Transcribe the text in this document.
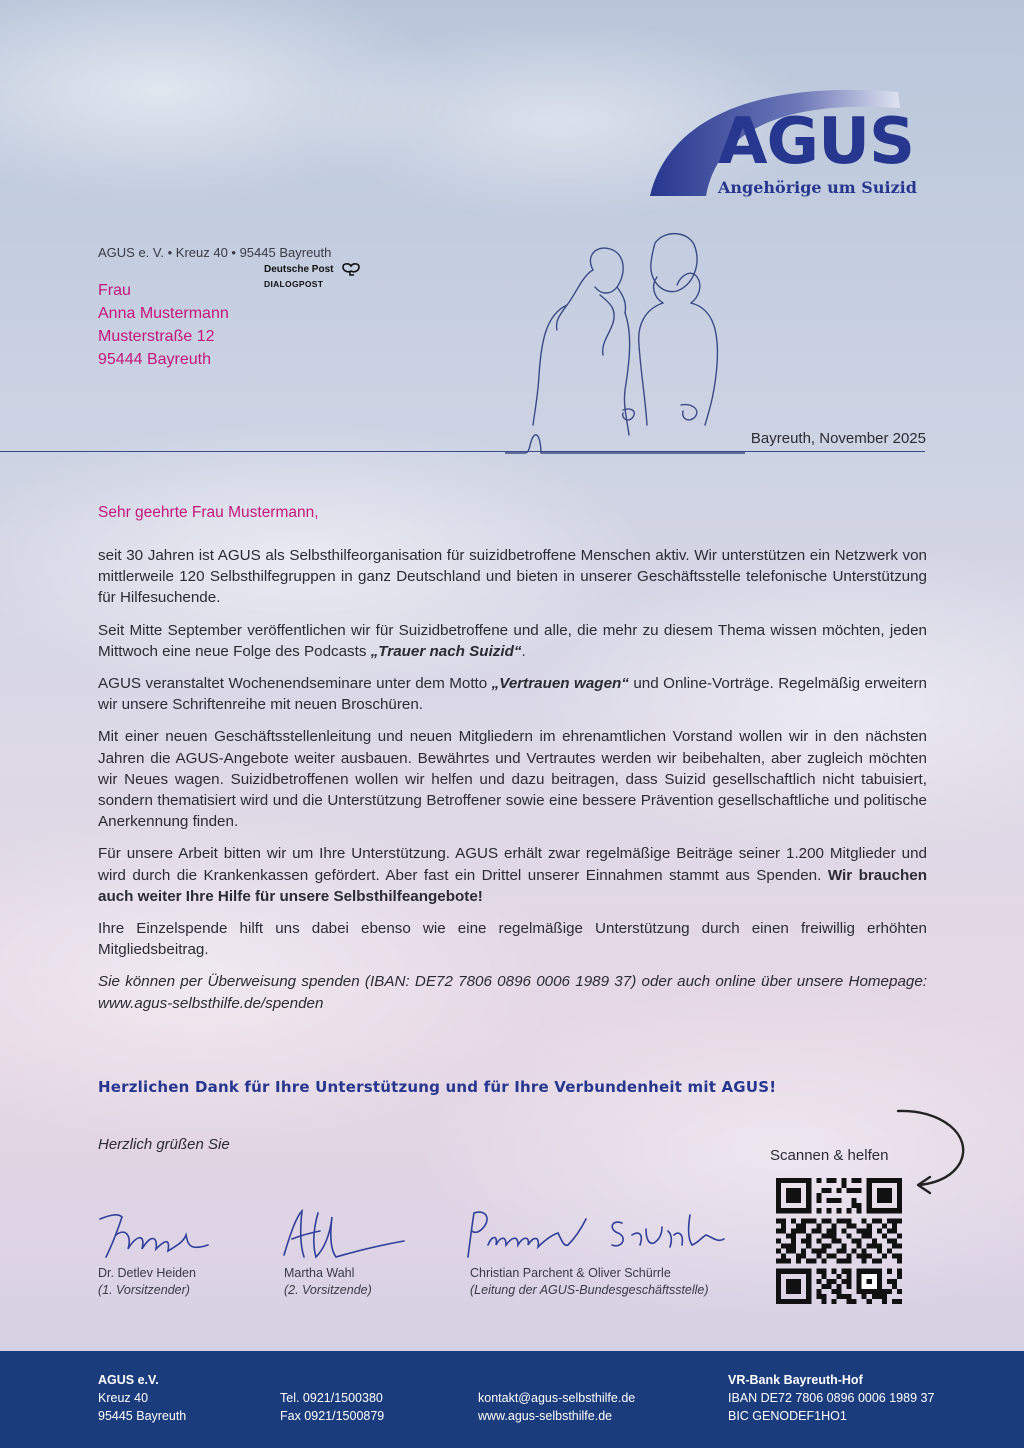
AGUS
Angehörige um Suizid
AGUS e. V. • Kreuz 40 • 95445 Bayreuth
Deutsche Post
DIALOGPOST
Frau
Anna Mustermann
Musterstraße 12
95444 Bayreuth
Bayreuth, November 2025
Sehr geehrte Frau Mustermann,

seit 30 Jahren ist AGUS als Selbsthilfeorganisation für suizidbetroffene Menschen aktiv. Wir unterstützen ein Netzwerk von mittlerweile 120 Selbsthilfegruppen in ganz Deutschland und bieten in unserer Geschäftsstelle telefonische Unterstützung für Hilfesuchende.

Seit Mitte September veröffentlichen wir für Suizidbetroffene und alle, die mehr zu diesem Thema wissen möchten, jeden Mittwoch eine neue Folge des Podcasts „Trauer nach Suizid“.

AGUS veranstaltet Wochenendseminare unter dem Motto „Vertrauen wagen“ und Online-Vorträge. Regelmäßig erweitern wir unsere Schriftenreihe mit neuen Broschüren.

Mit einer neuen Geschäftsstellenleitung und neuen Mitgliedern im ehrenamtlichen Vorstand wollen wir in den nächsten Jahren die AGUS-Angebote weiter ausbauen. Bewährtes und Vertrautes werden wir beibehalten, aber zugleich möchten wir Neues wagen. Suizidbetroffenen wollen wir helfen und dazu beitragen, dass Suizid gesellschaftlich nicht tabuisiert, sondern thematisiert wird und die Unterstützung Betroffener sowie eine bessere Prävention gesellschaftliche und politische Anerkennung finden.

Für unsere Arbeit bitten wir um Ihre Unterstützung. AGUS erhält zwar regelmäßige Beiträge seiner 1.200 Mitglieder und wird durch die Krankenkassen gefördert. Aber fast ein Drittel unserer Einnahmen stammt aus Spenden. Wir brauchen auch weiter Ihre Hilfe für unsere Selbsthilfeangebote!

Ihre Einzelspende hilft uns dabei ebenso wie eine regelmäßige Unterstützung durch einen freiwillig erhöhten Mitgliedsbeitrag.

Sie können per Überweisung spenden (IBAN: DE72 7806 0896 0006 1989 37) oder auch online über unsere Homepage: www.agus-selbsthilfe.de/spenden

Herzlichen Dank für Ihre Unterstützung und für Ihre Verbundenheit mit AGUS!
Herzlich grüßen Sie
Dr. Detlev Heiden
(1. Vorsitzender)
Martha Wahl
(2. Vorsitzende)
Christian Parchent & Oliver Schürrle
(Leitung der AGUS-Bundesgeschäftsstelle)
Scannen & helfen
AGUS e.V.
Kreuz 40
95445 Bayreuth
Tel. 0921/1500380
Fax 0921/1500879
kontakt@agus-selbsthilfe.de
www.agus-selbsthilfe.de
VR-Bank Bayreuth-Hof
IBAN DE72 7806 0896 0006 1989 37
BIC GENODEF1HO1
